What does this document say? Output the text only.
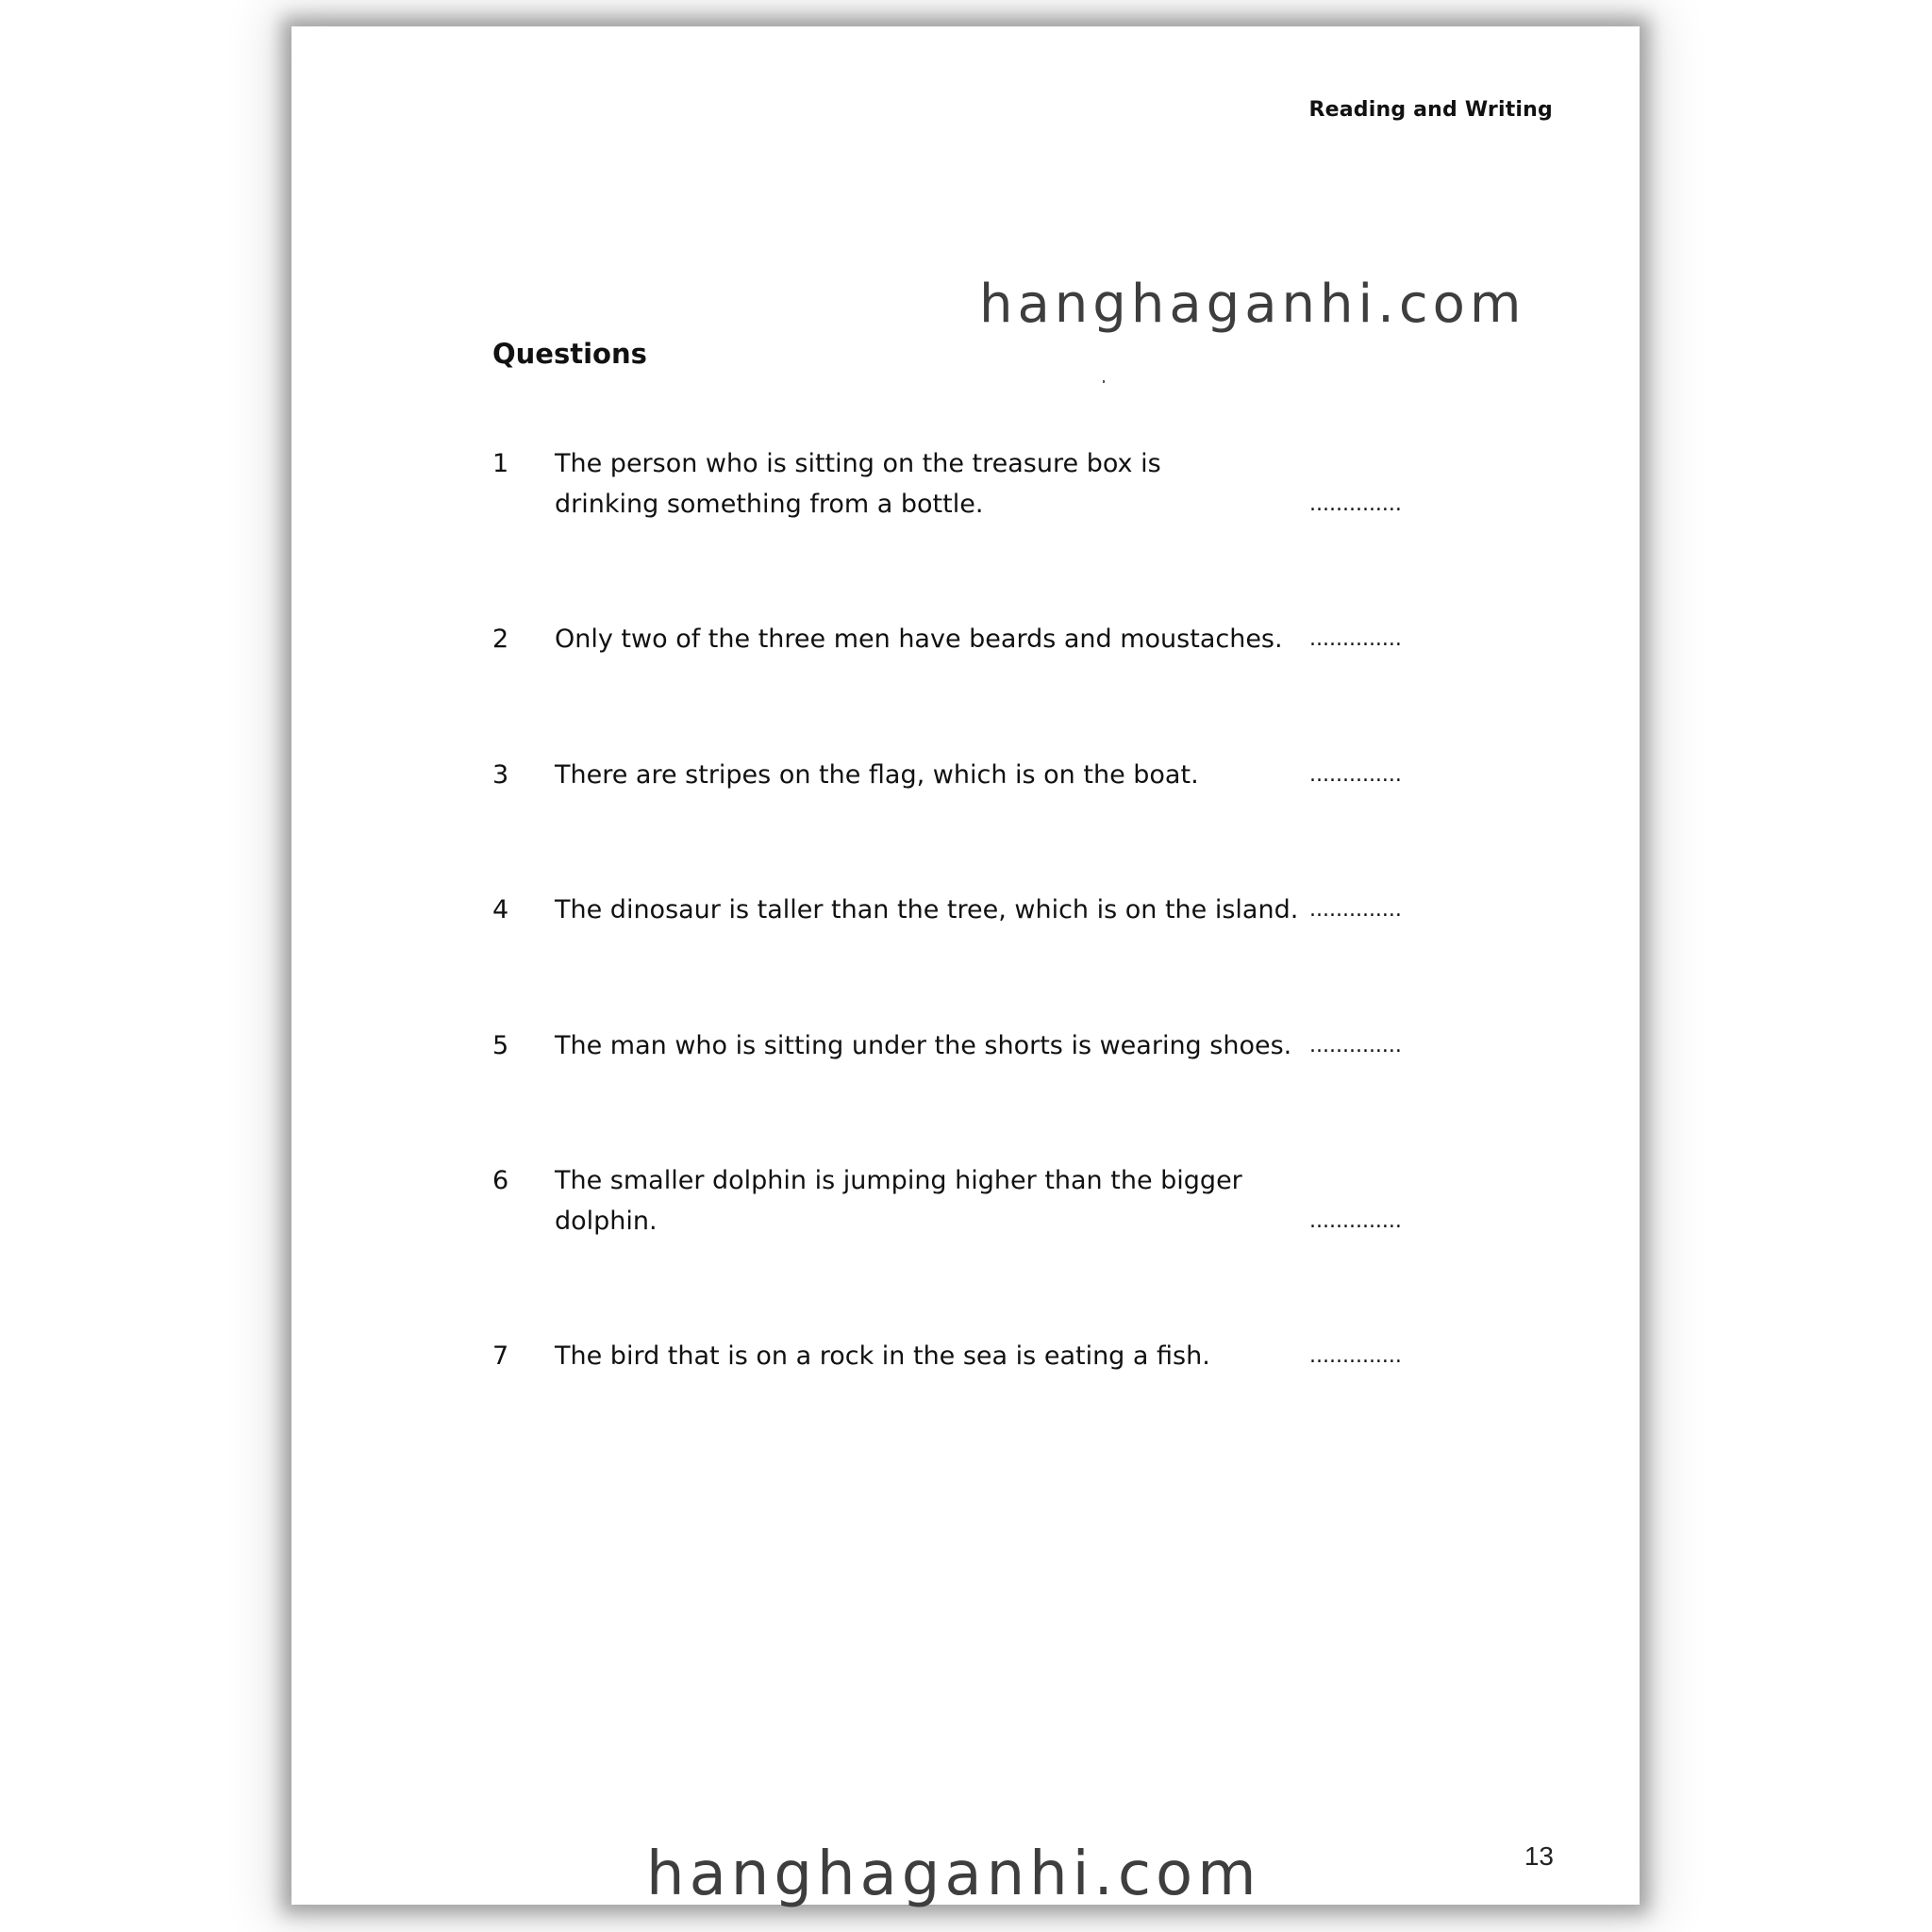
Reading and Writing
hanghaganhi.com
Questions
1	The person who is sitting on the treasure box is
drinking something from a bottle.	..............
2	Only two of the three men have beards and moustaches.	..............
3	There are stripes on the flag, which is on the boat.	..............
4	The dinosaur is taller than the tree, which is on the island. ..............
5	The man who is sitting under the shorts is wearing shoes. ..............
6	The smaller dolphin is jumping higher than the bigger
dolphin.	..............
7	The bird that is on a rock in the sea is eating a fish.	..............
hanghaganhi.com	13
